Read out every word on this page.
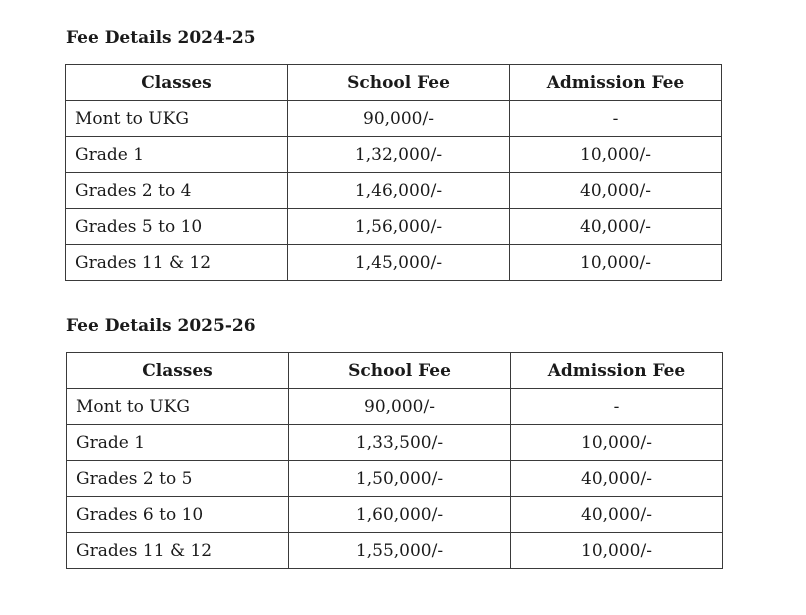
Fee Details 2024-25
Classes	School Fee	Admission Fee
Mont to UKG	90,000/-	-
Grade 1	1,32,000/-	10,000/-
Grades 2 to 4	1,46,000/-	40,000/-
Grades 5 to 10	1,56,000/-	40,000/-
Grades 11 & 12	1,45,000/-	10,000/-
Fee Details 2025-26
Classes	School Fee	Admission Fee
Mont to UKG	90,000/-	-
Grade 1	1,33,500/-	10,000/-
Grades 2 to 5	1,50,000/-	40,000/-
Grades 6 to 10	1,60,000/-	40,000/-
Grades 11 & 12	1,55,000/-	10,000/-
